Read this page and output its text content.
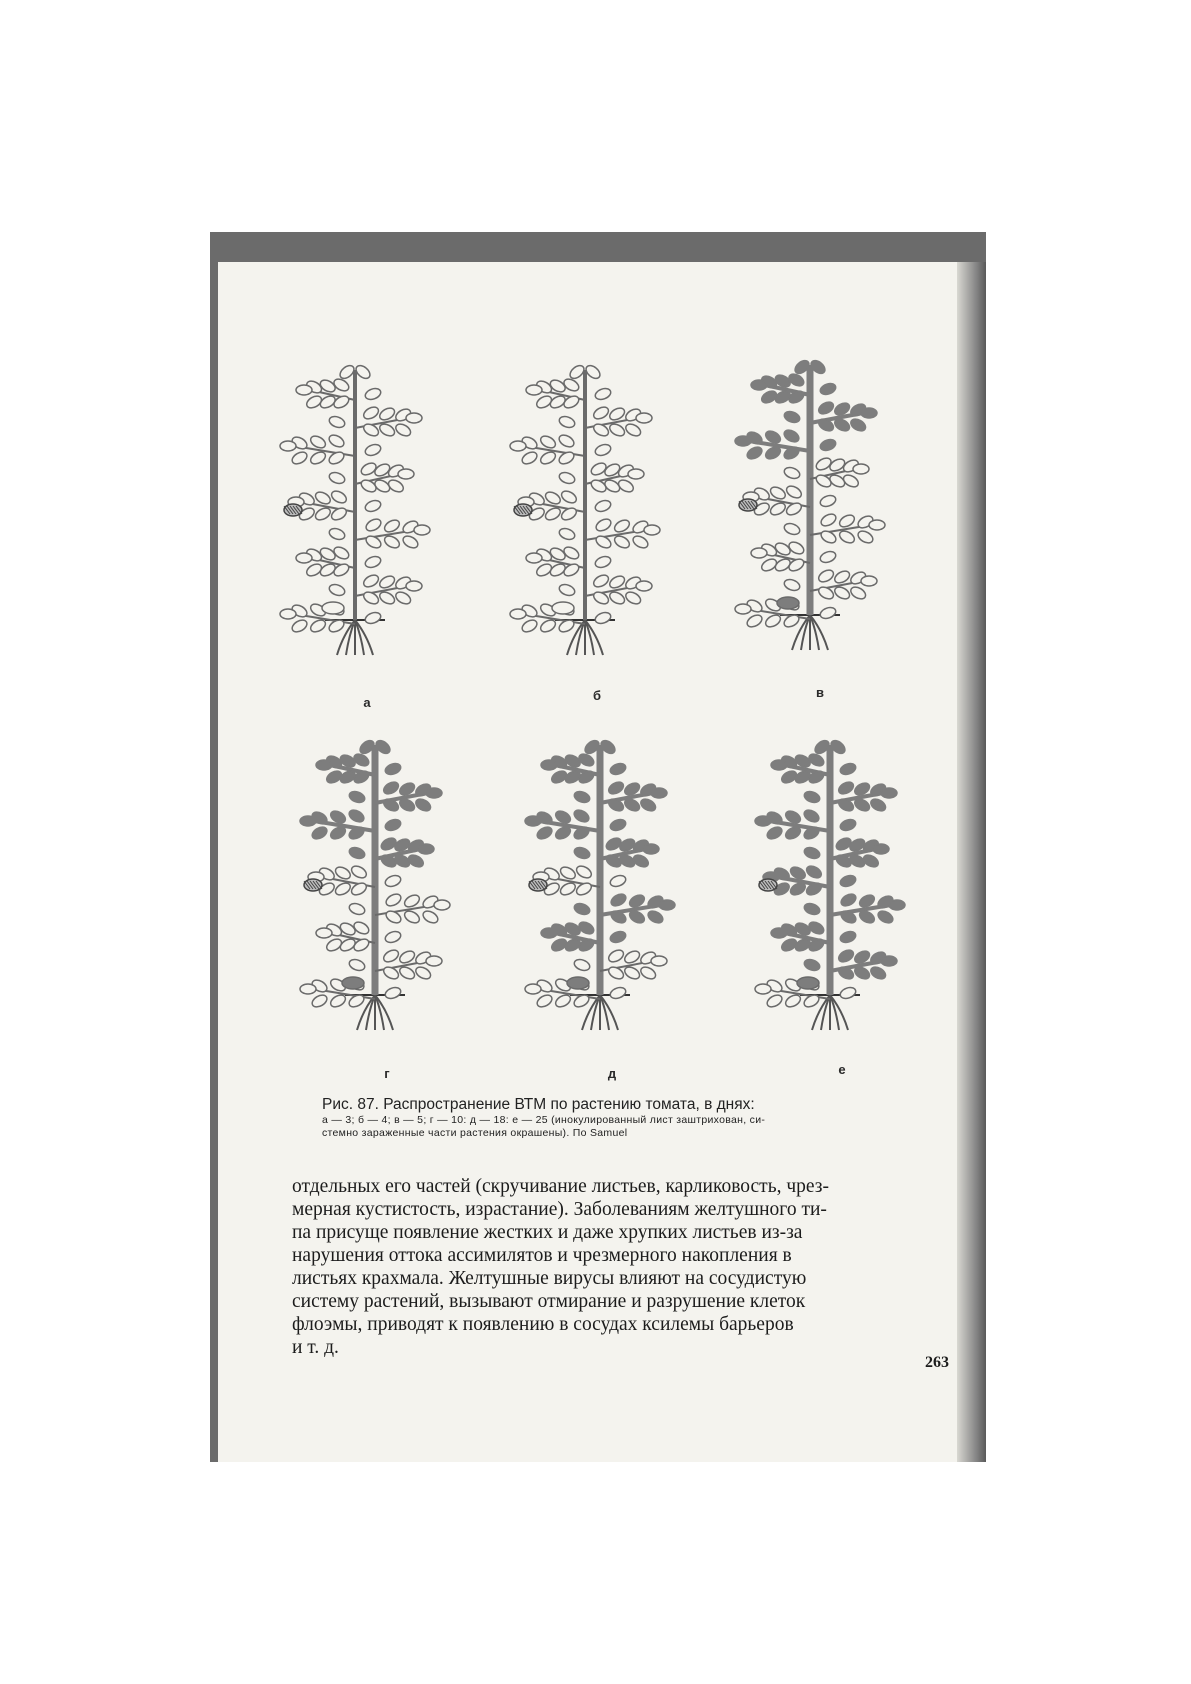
а	б	в
г	д	е
Рис. 87. Распространение ВТМ по растению томата, в днях:
а — 3; б — 4; в — 5; г — 10: д — 18: е — 25 (инокулированный лист заштрихован, си-
стемно зараженные части растения окрашены). По Samuel
отдельных его частей (скручивание листьев, карликовость, чрез-
мерная кустистость, израстание). Заболеваниям желтушного ти-
па присуще появление жестких и даже хрупких листьев из-за
нарушения оттока ассимилятов и чрезмерного накопления в
листьях крахмала. Желтушные вирусы влияют на сосудистую
систему растений, вызывают отмирание и разрушение клеток
флоэмы, приводят к появлению в сосудах ксилемы барьеров
и т. д.
263
